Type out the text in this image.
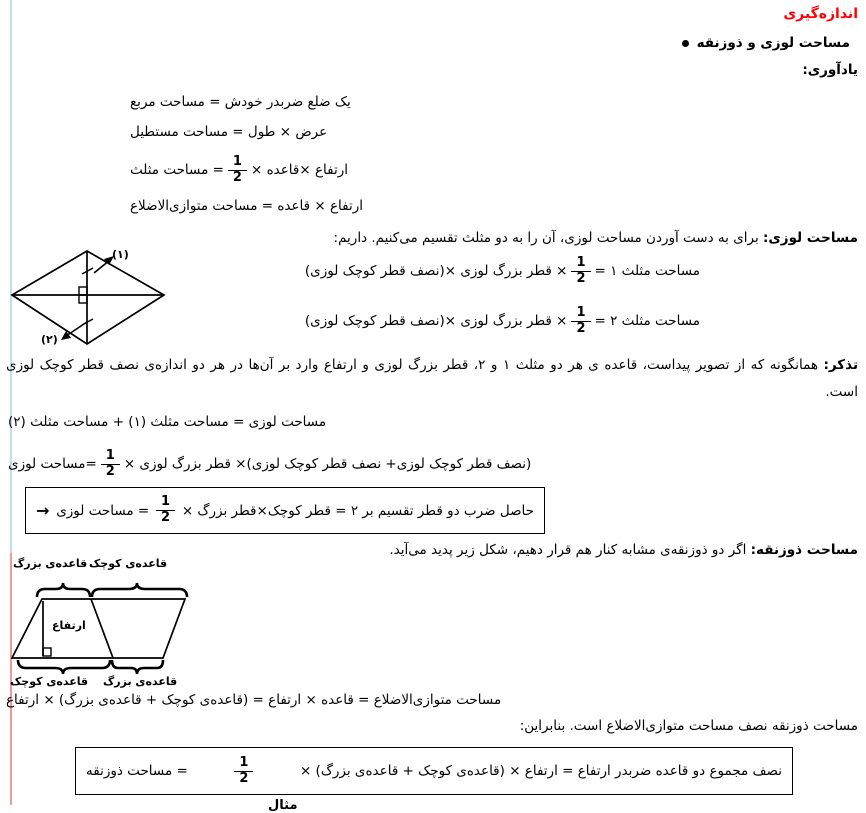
اندازه‌گیری
مساحت لوزی و ذوزنقه
یادآوری:
یک ضلع ضربدر خودش = مساحت مربع
عرض × طول = مساحت مستطیل
ارتفاع ×قاعده ×
$\frac{1}{2}$
= مساحت مثلث
ارتفاع × قاعده = مساحت متوازی‌الاضلاع
مساحت لوزی: برای به دست آوردن مساحت لوزی، آن را به دو مثلث تقسیم می‌کنیم. داریم:
(۱)
(۲)
مساحت مثلث ۱ =
$\frac{1}{2}$
× قطر بزرگ لوزی ×(نصف قطر کوچک لوزی)
مساحت مثلث ۲ =
$\frac{1}{2}$
× قطر بزرگ لوزی ×(نصف قطر کوچک لوزی)
تذکر: همانگونه که از تصویر پیداست، قاعده ی هر دو مثلث ۱ و ۲، قطر بزرگ لوزی و ارتفاع وارد بر آن‌ها در هر دو اندازه‌ی نصف قطر کوچک لوزی است.
مساحت لوزی = مساحت مثلث (۱) + مساحت مثلث (۲)
(نصف قطر کوچک لوزی+ نصف قطر کوچک لوزی)× قطر بزرگ لوزی ×
$\frac{1}{2}$
=مساحت لوزی
حاصل ضرب دو قطر تقسیم بر ۲ = قطر کوچک×قطر بزرگ ×
$\frac{1}{2}$
= مساحت لوزی
→
مساحت ذوزنقه: اگر دو ذوزنقه‌ی مشابه کنار هم قرار دهیم، شکل زیر پدید می‌آید.
قاعده‌ی بزرگ قاعده‌ی کوچک
ارتفاع
قاعده‌ی کوچک قاعده‌ی بزرگ
مساحت متوازی‌الاضلاع = قاعده × ارتفاع = (قاعده‌ی کوچک + قاعده‌ی بزرگ) × ارتفاع
مساحت ذوزنقه نصف مساحت متوازی‌الاضلاع است. بنابراین:
نصف مجموع دو قاعده ضربدر ارتفاع = ارتفاع × (قاعده‌ی کوچک + قاعده‌ی بزرگ) ×
$\frac{1}{2}$
= مساحت ذوزنقه
مثال
